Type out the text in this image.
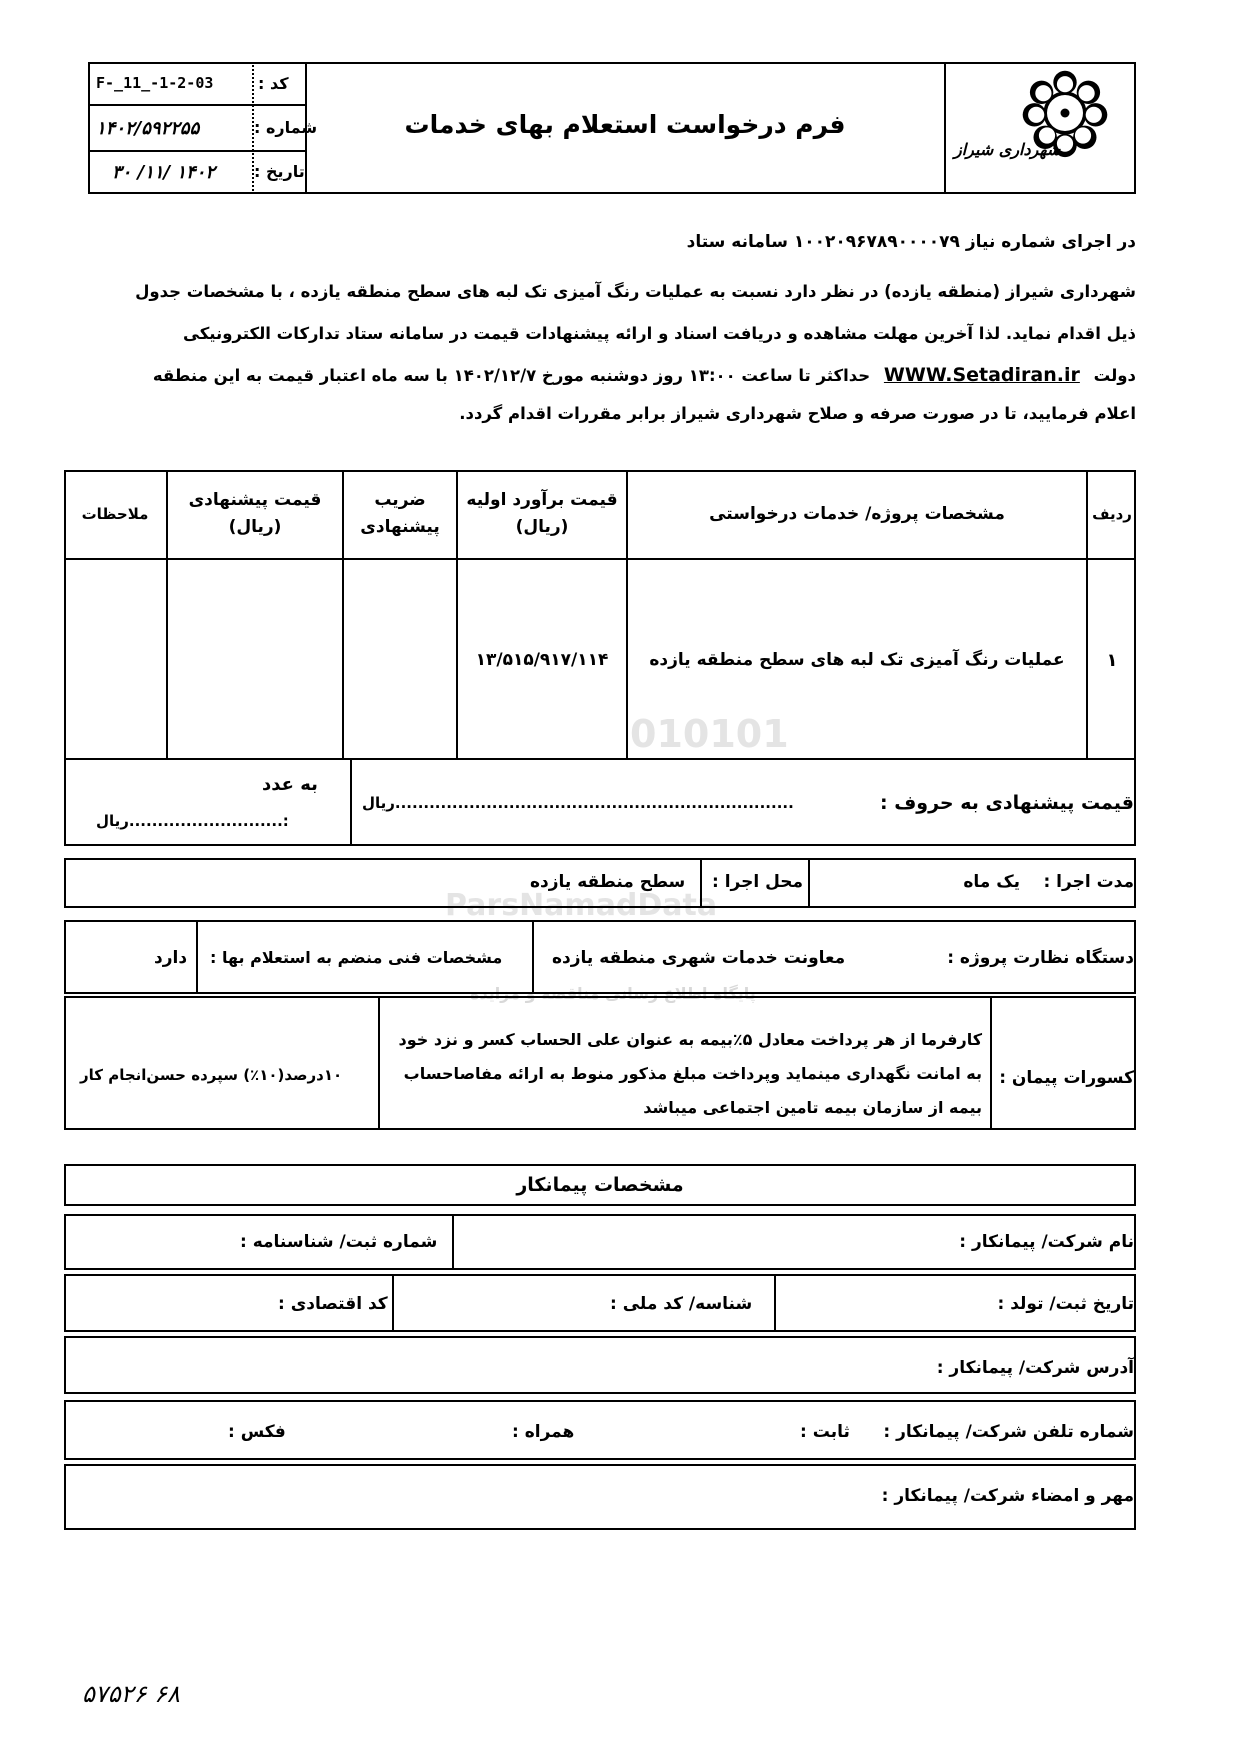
کد :
F-_11_-1-2-03
شماره :
۱۴۰۲/۵۹۲۲۵۵
تاریخ :
۱۴۰۲ /۱۱/ ۳۰
فرم درخواست استعلام بهای خدمات
شهرداری شیراز
در اجرای شماره نیاز ۱۰۰۲۰۹۶۷۸۹۰۰۰۰۷۹ سامانه ستاد
شهرداری شیراز (منطقه یازده) در نظر دارد نسبت به عملیات رنگ آمیزی تک لبه های سطح منطقه یازده ، با مشخصات جدول
ذیل اقدام نماید. لذا آخرین مهلت مشاهده و دریافت اسناد و ارائه پیشنهادات قیمت در سامانه ستاد تدارکات الکترونیکی
دولت WWW.Setadiran.ir حداکثر تا ساعت ۱۳:۰۰ روز دوشنبه مورخ ۱۴۰۲/۱۲/۷ با سه ماه اعتبار قیمت به این منطقه
اعلام فرمایید، تا در صورت صرفه و صلاح شهرداری شیراز برابر مقررات اقدام گردد.
ردیف
مشخصات پروژه/ خدمات درخواستی
قیمت برآورد اولیه
(ریال)
ضریب
پیشنهادی
قیمت پیشنهادی
(ریال)
ملاحظات
۱
عملیات رنگ آمیزی تک لبه های سطح منطقه یازده
۱۳/۵۱۵/۹۱۷/۱۱۴
010101
ParsNamadData
پایگاه اطلاع رسانی مناقصه و مزایده
قیمت پیشنهادی به حروف :
......................................................................ریال
به عدد
:...........................ریال
مدت اجرا :
یک ماه
محل اجرا :
سطح منطقه یازده
دستگاه نظارت پروژه :
معاونت خدمات شهری منطقه یازده
مشخصات فنی منضم به استعلام بها :
دارد
کسورات پیمان :
کارفرما از هر پرداخت معادل ۵٪بیمه به عنوان علی الحساب کسر و نزد خود
به امانت نگهداری مینماید وپرداخت مبلغ مذکور منوط به ارائه مفاصاحساب
بیمه از سازمان بیمه تامین اجتماعی میباشد
۱۰درصد(۱۰٪) سپرده حسن‌انجام کار
مشخصات پیمانکار
نام شرکت/ پیمانکار :
شماره ثبت/ شناسنامه :
تاریخ ثبت/ تولد :
شناسه/ کد ملی :
کد اقتصادی :
آدرس شرکت/ پیمانکار :
شماره تلفن شرکت/ پیمانکار :
ثابت :
همراه :
فکس :
مهر و امضاء شرکت/ پیمانکار :
۶۸ ۵۷۵۲۶
